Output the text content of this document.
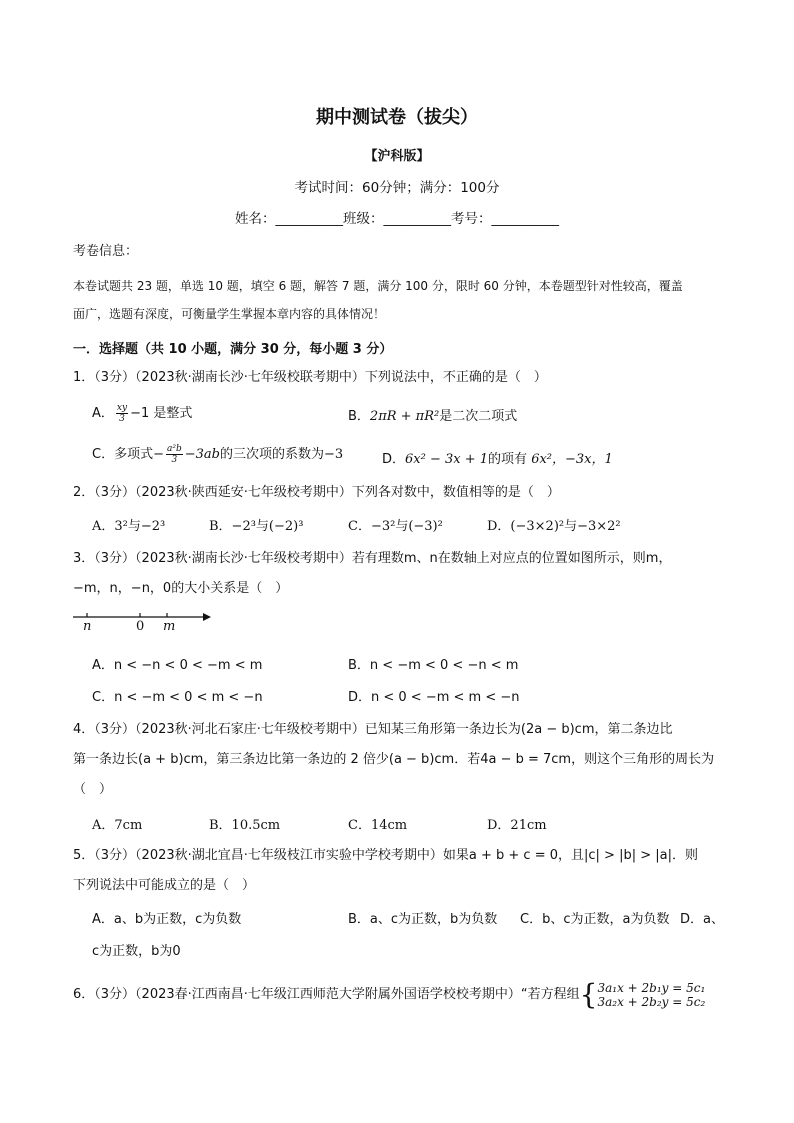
期中测试卷（拔尖）
【沪科版】
考试时间：60分钟；满分：100分
姓名：__________班级：__________考号：__________
考卷信息：
本卷试题共 23 题，单选 10 题，填空 6 题，解答 7 题，满分 100 分，限时 60 分钟，本卷题型针对性较高，覆盖
面广，选题有深度，可衡量学生掌握本章内容的具体情况！
一．选择题（共 10 小题，满分 30 分，每小题 3 分）
1．（3分）（2023秋·湖南长沙·七年级校联考期中）下列说法中，不正确的是（　）
A． $\frac{xy}{3} -1$ 是整式	B．2πR + πR²是二次二项式
C．多项式− $\frac{\text{a²b}}{3} -3ab$的三次项的系数为−3	D．6x² − 3x + 1的项有 6x²，−3x，1
2．（3分）（2023秋·陕西延安·七年级校考期中）下列各对数中，数值相等的是（　）
A．3²与−2³	B．−2³与(−2)³	C．−3²与(−3)²	D．(−3×2)²与−3×2²
3．（3分）（2023秋·湖南长沙·七年级校考期中）若有理数m、n在数轴上对应点的位置如图所示，则m，
−m，n，−n，0的大小关系是（　）
n	0 m
A．n < −n < 0 < −m < m	B．n < −m < 0 < −n < m
C．n < −m < 0 < m < −n	D．n < 0 < −m < m < −n
4．（3分）（2023秋·河北石家庄·七年级校考期中）已知某三角形第一条边长为(2a − b)cm，第二条边比
第一条边长(a + b)cm，第三条边比第一条边的 2 倍少(a − b)cm．若4a − b = 7cm，则这个三角形的周长为
（　）
A．7cm	B．10.5cm	C．14cm	D．21cm
5．（3分）（2023秋·湖北宜昌·七年级枝江市实验中学校考期中）如果a + b + c = 0，且|c| > |b| > |a|．则
下列说法中可能成立的是（　）
A．a、b为正数，c为负数	B．a、c为正数，b为负数 C．b、c为正数，a为负数 D．a、
c为正数，b为0
6．（3分）（2023春·江西南昌·七年级江西师范大学附属外国语学校校考期中）“若方程组{ 3a₁x + 2b₁y = 5c₁
3a₂x + 2b₂y = 5c₂
